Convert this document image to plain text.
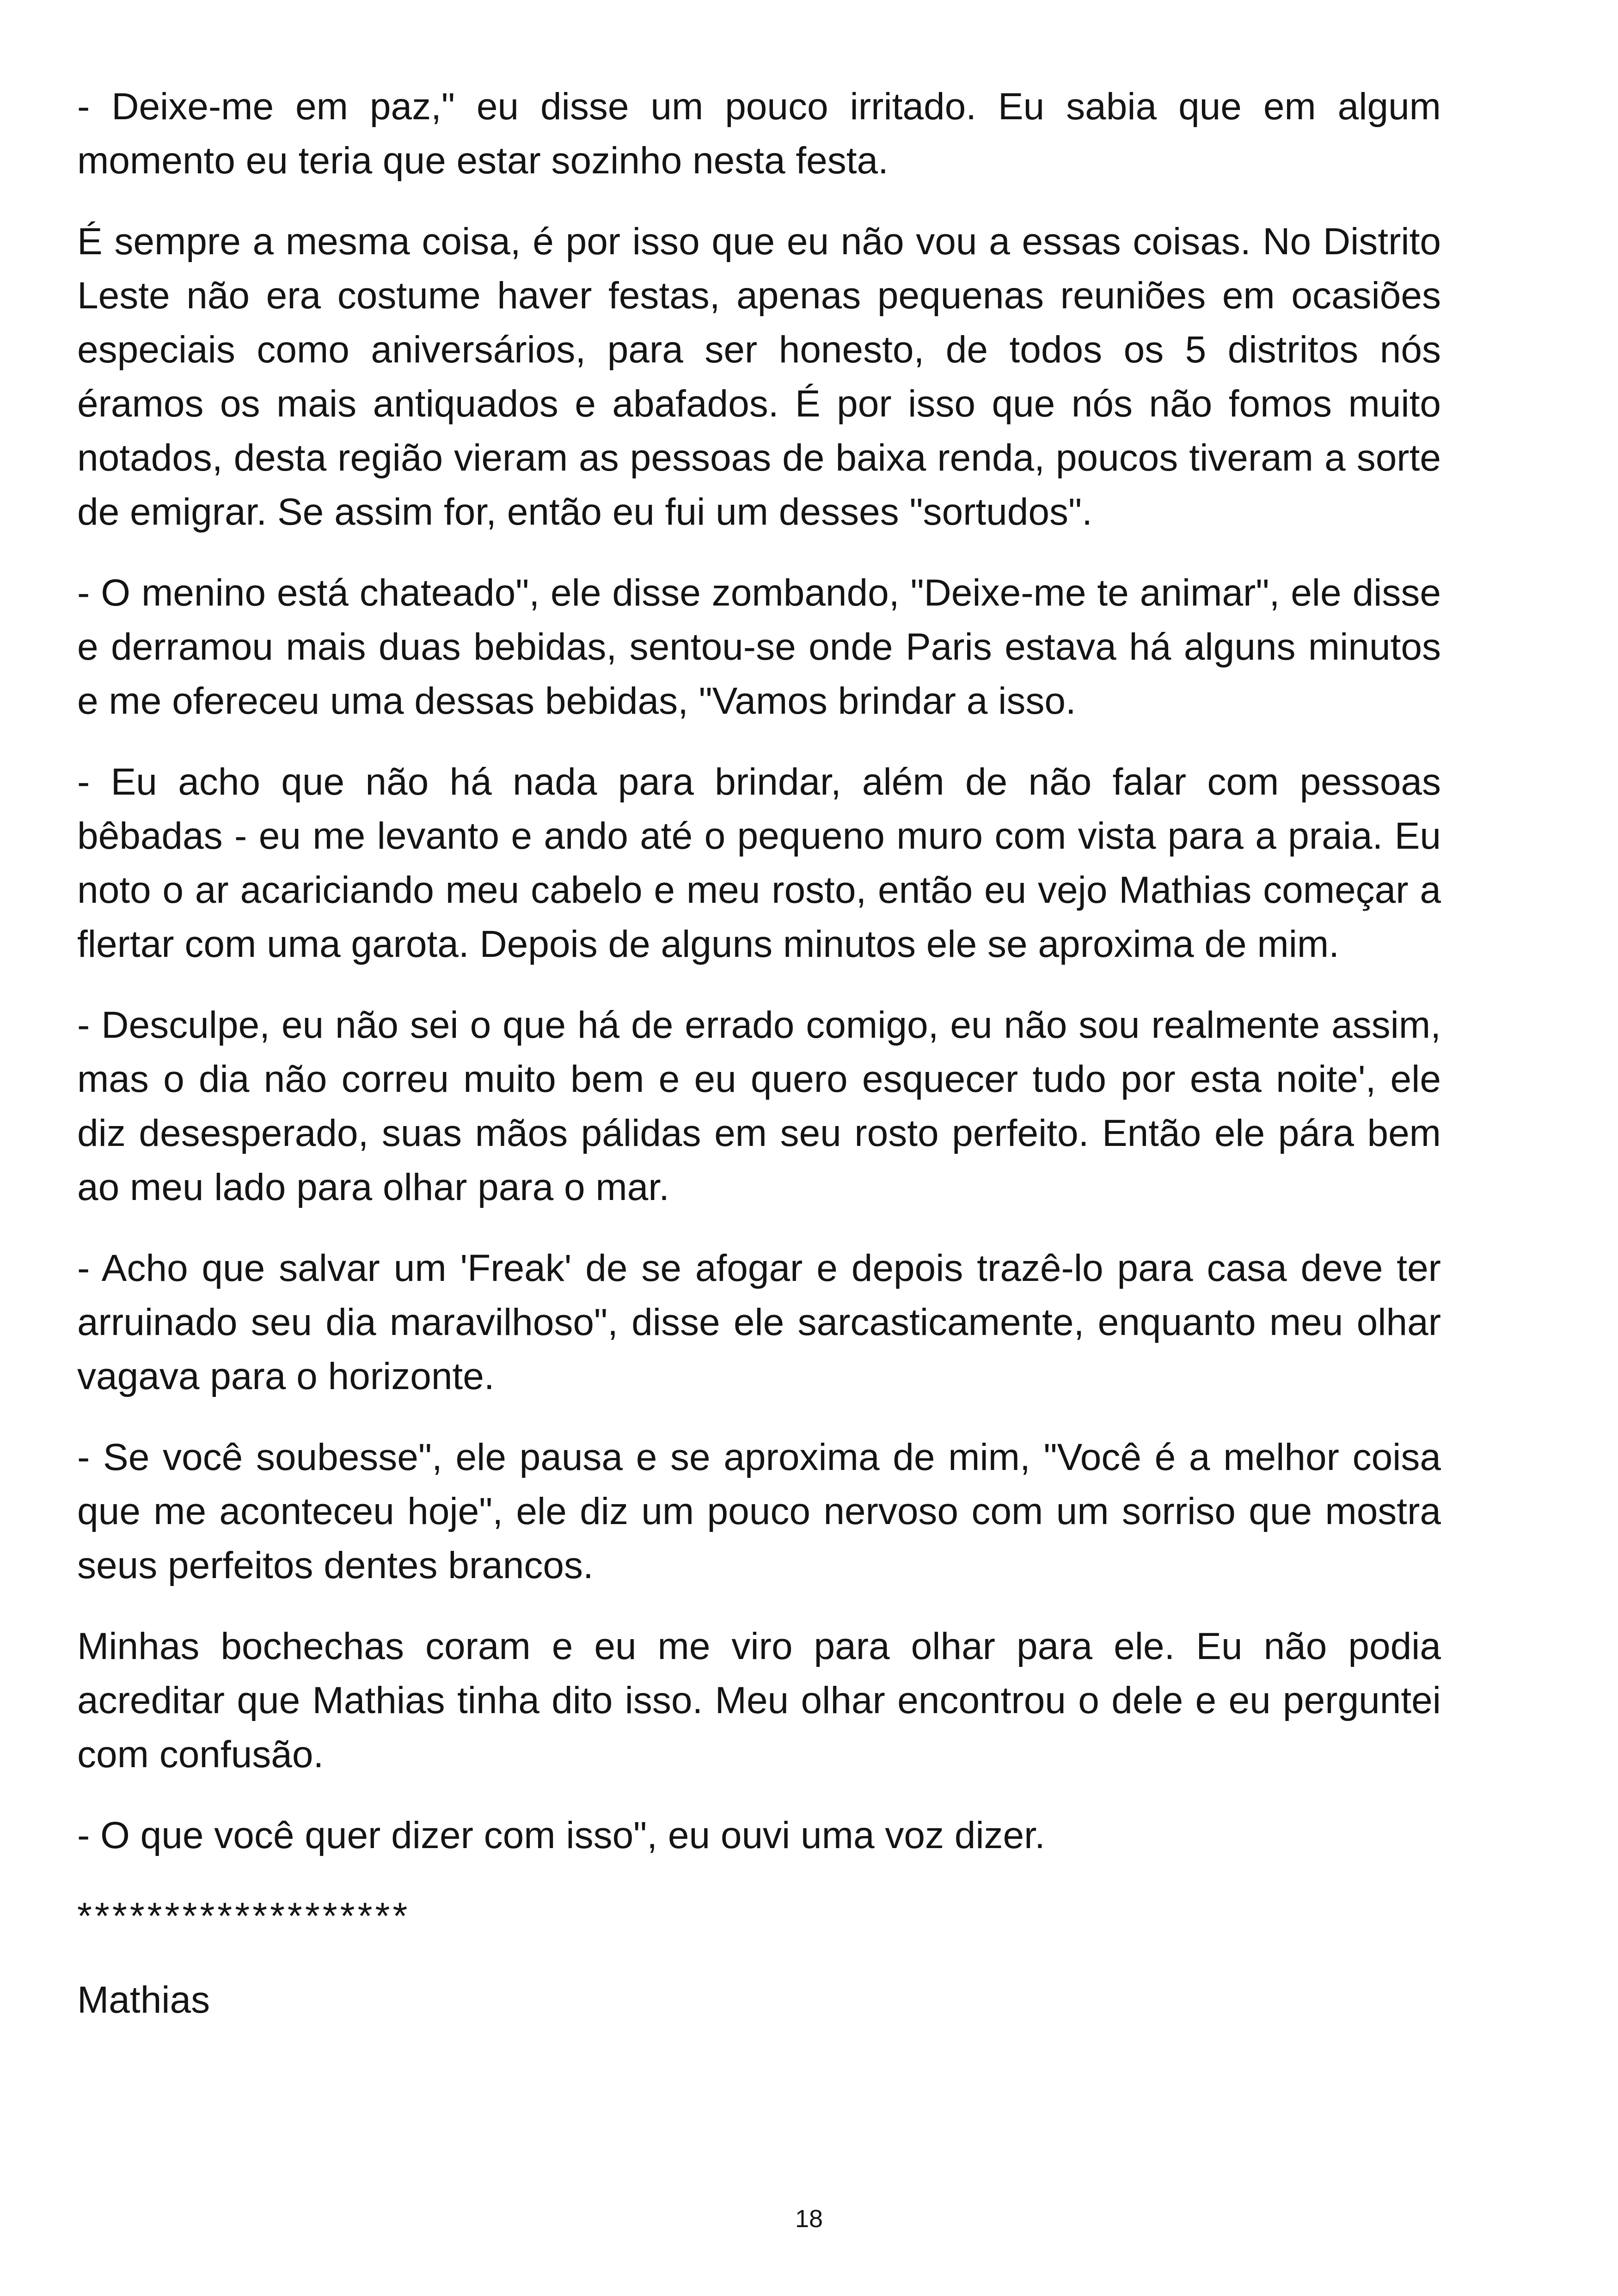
- Deixe-me em paz," eu disse um pouco irritado. Eu sabia que em algum momento eu teria que estar sozinho nesta festa.

É sempre a mesma coisa, é por isso que eu não vou a essas coisas. No Distrito Leste não era costume haver festas, apenas pequenas reuniões em ocasiões especiais como aniversários, para ser honesto, de todos os 5 distritos nós éramos os mais antiquados e abafados. É por isso que nós não fomos muito notados, desta região vieram as pessoas de baixa renda, poucos tiveram a sorte de emigrar. Se assim for, então eu fui um desses "sortudos".

- O menino está chateado", ele disse zombando, "Deixe-me te animar", ele disse e derramou mais duas bebidas, sentou-se onde Paris estava há alguns minutos e me ofereceu uma dessas bebidas, "Vamos brindar a isso.

- Eu acho que não há nada para brindar, além de não falar com pessoas bêbadas - eu me levanto e ando até o pequeno muro com vista para a praia. Eu noto o ar acariciando meu cabelo e meu rosto, então eu vejo Mathias começar a flertar com uma garota. Depois de alguns minutos ele se aproxima de mim.

- Desculpe, eu não sei o que há de errado comigo, eu não sou realmente assim, mas o dia não correu muito bem e eu quero esquecer tudo por esta noite', ele diz desesperado, suas mãos pálidas em seu rosto perfeito. Então ele pára bem ao meu lado para olhar para o mar.

- Acho que salvar um 'Freak' de se afogar e depois trazê-lo para casa deve ter arruinado seu dia maravilhoso", disse ele sarcasticamente, enquanto meu olhar vagava para o horizonte.

- Se você soubesse", ele pausa e se aproxima de mim, "Você é a melhor coisa que me aconteceu hoje", ele diz um pouco nervoso com um sorriso que mostra seus perfeitos dentes brancos.

Minhas bochechas coram e eu me viro para olhar para ele. Eu não podia acreditar que Mathias tinha dito isso. Meu olhar encontrou o dele e eu perguntei com confusão.

- O que você quer dizer com isso", eu ouvi uma voz dizer.

*******************

Mathias

18
